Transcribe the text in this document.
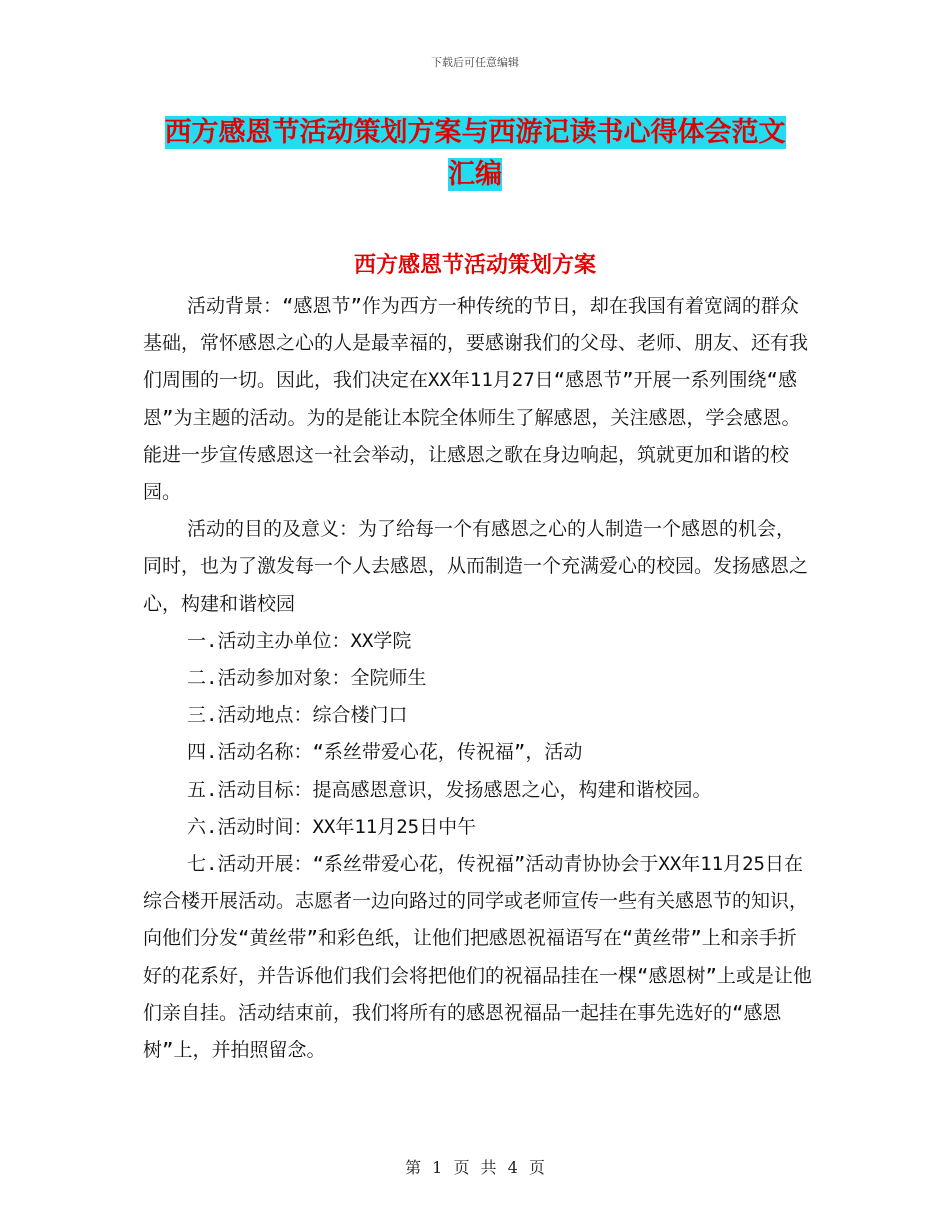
下载后可任意编辑
西方感恩节活动策划方案与西游记读书心得体会范文
汇编
西方感恩节活动策划方案

活动背景：“感恩节”作为西方一种传统的节日，却在我国有着宽阔的群众基础，常怀感恩之心的人是最幸福的，要感谢我们的父母、老师、朋友、还有我们周围的一切。因此，我们决定在XX年11月27日“感恩节”开展一系列围绕“感恩”为主题的活动。为的是能让本院全体师生了解感恩，关注感恩，学会感恩。能进一步宣传感恩这一社会举动，让感恩之歌在身边响起，筑就更加和谐的校园。

活动的目的及意义：为了给每一个有感恩之心的人制造一个感恩的机会，同时，也为了激发每一个人去感恩，从而制造一个充满爱心的校园。发扬感恩之心，构建和谐校园

一.活动主办单位：XX学院

二.活动参加对象：全院师生

三.活动地点：综合楼门口

四.活动名称：“系丝带爱心花，传祝福”，活动

五.活动目标：提高感恩意识，发扬感恩之心，构建和谐校园。

六.活动时间：XX年11月25日中午

七.活动开展：“系丝带爱心花，传祝福”活动青协协会于XX年11月25日在综合楼开展活动。志愿者一边向路过的同学或老师宣传一些有关感恩节的知识，向他们分发“黄丝带”和彩色纸，让他们把感恩祝福语写在“黄丝带”上和亲手折好的花系好，并告诉他们我们会将把他们的祝福品挂在一棵“感恩树”上或是让他们亲自挂。活动结束前，我们将所有的感恩祝福品一起挂在事先选好的“感恩树”上，并拍照留念。

第 1 页 共 4 页
